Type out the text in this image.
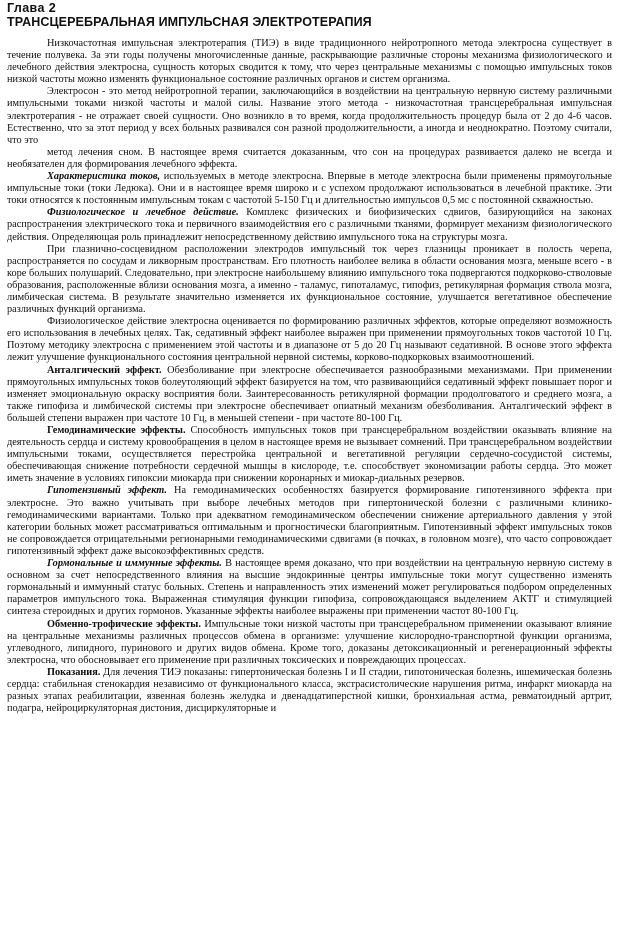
Глава 2
ТРАНСЦЕРЕБРАЛЬНАЯ ИМПУЛЬСНАЯ ЭЛЕКТРОТЕРАПИЯ

Низкочастотная импульсная электротерапия (ТИЭ) в виде традиционного нейротропного метода электросна существует в течение полувека. За эти годы получены многочисленные данные, раскрывающие различные стороны механизма физиологического и лечебного действия электросна, сущность которых сводится к тому, что через центральные механизмы с помощью импульсных токов низкой частоты можно изменять функциональное состояние различных органов и систем организма.

Электросон - это метод нейротропной терапии, заключающийся в воздействии на центральную нервную систему различными импульсными токами низкой частоты и малой силы. Название этого метода - низкочастотная трансцеребральная импульсная электротерапия - не отражает своей сущности. Оно возникло в то время, когда продолжительность процедур была от 2 до 4-6 часов. Естественно, что за этот период у всех больных развивался сон разной продолжительности, а иногда и неоднократно. Поэтому считали, что это

метод лечения сном. В настоящее время считается доказанным, что сон на процедурах развивается далеко не всегда и необязателен для формирования лечебного эффекта.

Характеристика токов, используемых в методе электросна. Впервые в методе электросна были применены прямоугольные импульсные токи (токи Ледюка). Они и в настоящее время широко и с успехом продолжают использоваться в лечебной практике. Эти токи относятся к постоянным импульсным токам с частотой 5-150 Гц и длительностью импульсов 0,5 мс с постоянной скважностью.

Физиологическое и лечебное действие. Комплекс физических и биофизических сдвигов, базирующийся на законах распространения электрического тока и первичного взаимодействия его с различными тканями, формирует механизм физиологического действия. Определяющая роль принадлежит непосредственному действию импульсного тока на структуры мозга.

При глазнично-сосцевидном расположении электродов импульсный ток через глазницы проникает в полость черепа, распространяется по сосудам и ликворным пространствам. Его плотность наиболее велика в области основания мозга, меньше всего - в коре больших полушарий. Следовательно, при электросне наибольшему влиянию импульсного тока подвергаются подкорково-стволовые образования, расположенные вблизи основания мозга, а именно - таламус, гипоталамус, гипофиз, ретикулярная формация ствола мозга, лимбическая система. В результате значительно изменяется их функциональное состояние, улучшается вегетативное обеспечение различных функций организма.

Физиологическое действие электросна оценивается по формированию различных эффектов, которые определяют возможность его использования в лечебных целях. Так, седативный эффект наиболее выражен при применении прямоугольных токов частотой 10 Гц. Поэтому методику электросна с применением этой частоты и в диапазоне от 5 до 20 Гц называют седативной. В основе этого эффекта лежит улучшение функционального состояния центральной нервной системы, корково-подкорковых взаимоотношений.

Анталгический эффект. Обезболивание при электросне обеспечивается разнообразными механизмами. При применении прямоугольных импульсных токов болеутоляющий эффект базируется на том, что развивающийся седативный эффект повышает порог и изменяет эмоциональную окраску восприятия боли. Заинтересованность ретикулярной формации продолговатого и среднего мозга, а также гипофиза и лимбической системы при электросне обеспечивает опиатный механизм обезболивания. Анталгический эффект в большей степени выражен при частоте 10 Гц, в меньшей степени - при частоте 80-100 Гц.

Гемодинамические эффекты. Способность импульсных токов при трансцеребральном воздействии оказывать влияние на деятельность сердца и систему кровообращения в целом в настоящее время не вызывает сомнений. При трансцеребральном воздействии импульсными токами, осуществляется перестройка центральной и вегетативной регуляции сердечно-сосудистой системы, обеспечивающая снижение потребности сердечной мышцы в кислороде, т.е. способствует экономизации работы сердца. Это может иметь значение в условиях гипоксии миокарда при снижении коронарных и миокар-диальных резервов.

Гипотензивный эффект. На гемодинамических особенностях базируется формирование гипотензивного эффекта при электросне. Это важно учитывать при выборе лечебных методов при гипертонической болезни с различными клинико-гемодинамическими вариантами. Только при адекватном гемодинамическом обеспечении снижение артериального давления у этой категории больных может рассматриваться оптимальным и прогностически благоприятным. Гипотензивный эффект импульсных токов не сопровождается отрицательными регионарными гемодинамическими сдвигами (в почках, в головном мозге), что часто сопровождает гипотензивный эффект даже высокоэффективных средств.

Гормональные и иммунные эффекты. В настоящее время доказано, что при воздействии на центральную нервную систему в основном за счет непосредственного влияния на высшие эндокринные центры импульсные токи могут существенно изменять гормональный и иммунный статус больных. Степень и направленность этих изменений может регулироваться подбором определенных параметров импульсного тока. Выраженная стимуляция функции гипофиза, сопровождающаяся выделением АКТГ и стимуляцией синтеза стероидных и других гормонов. Указанные эффекты наиболее выражены при применении частот 80-100 Гц.

Обменно-трофические эффекты. Импульсные токи низкой частоты при трансцеребральном применении оказывают влияние на центральные механизмы различных процессов обмена в организме: улучшение кислородно-транспортной функции организма, углеводного, липидного, пуринового и других видов обмена. Кроме того, доказаны детоксикационный и регенерационный эффекты электросна, что обосновывает его применение при различных токсических и повреждающих процессах.

Показания. Для лечения ТИЭ показаны: гипертоническая болезнь I и II стадии, гипотоническая болезнь, ишемическая болезнь сердца: стабильная стенокардия независимо от функционального класса, экстрасистолические нарушения ритма, инфаркт миокарда на разных этапах реабилитации, язвенная болезнь желудка и двенадцатиперстной кишки, бронхиальная астма, ревматоидный артрит, подагра, нейроциркуляторная дистония, дисциркуляторные и
